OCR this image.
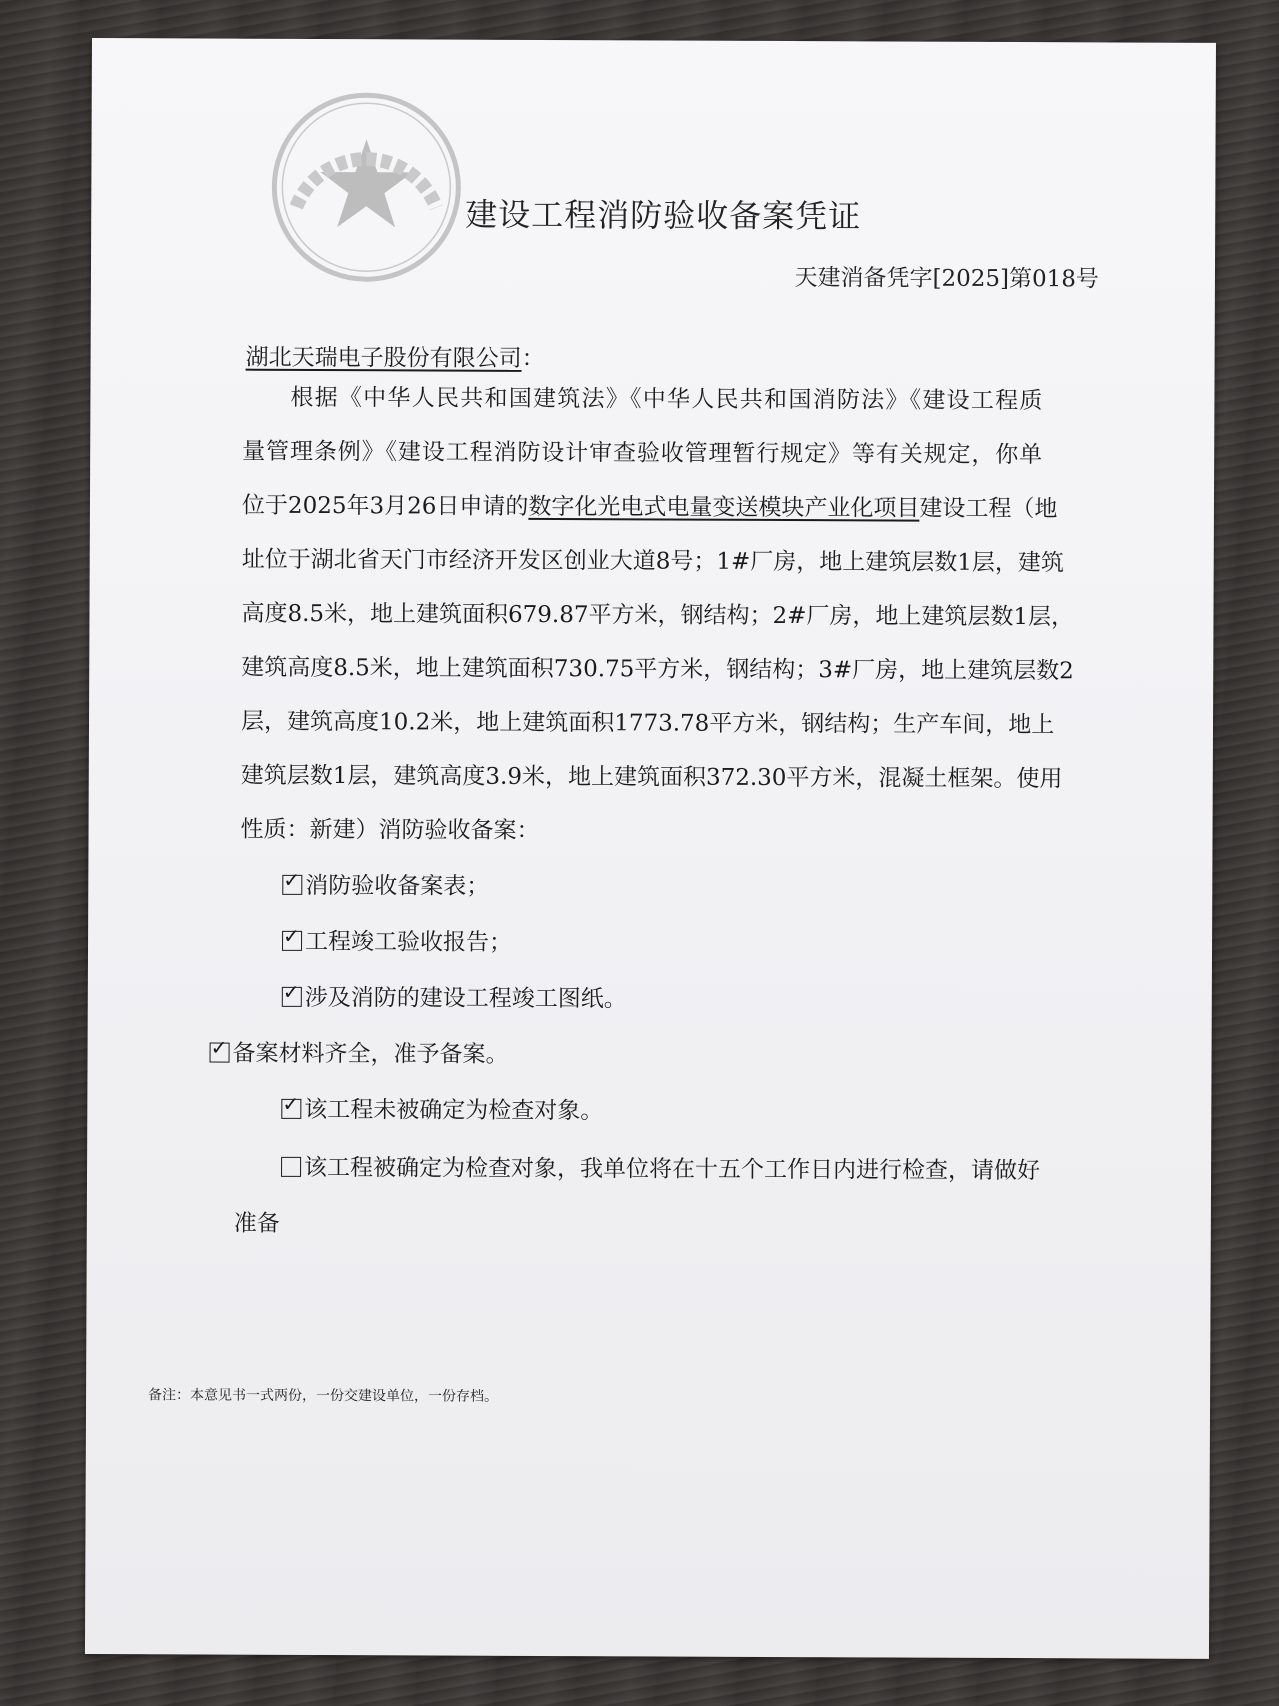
建设工程消防验收备案凭证
天建消备凭字[2025]第018号
湖北天瑞电子股份有限公司：
根据《中华人民共和国建筑法》《中华人民共和国消防法》《建设工程质
量管理条例》《建设工程消防设计审查验收管理暂行规定》等有关规定，你单
位于2025年3月26日申请的数字化光电式电量变送模块产业化项目建设工程（地
址位于湖北省天门市经济开发区创业大道8号；1#厂房，地上建筑层数1层，建筑
高度8.5米，地上建筑面积679.87平方米，钢结构；2#厂房，地上建筑层数1层，
建筑高度8.5米，地上建筑面积730.75平方米，钢结构；3#厂房，地上建筑层数2
层，建筑高度10.2米，地上建筑面积1773.78平方米，钢结构；生产车间，地上
建筑层数1层，建筑高度3.9米，地上建筑面积372.30平方米，混凝土框架。使用
性质：新建）消防验收备案：
✓ 消防验收备案表；
✓ 工程竣工验收报告；
✓ 涉及消防的建设工程竣工图纸。
✓ 备案材料齐全，准予备案。
✓ 该工程未被确定为检查对象。
该工程被确定为检查对象，我单位将在十五个工作日内进行检查，请做好
准备
备注：本意见书一式两份，一份交建设单位，一份存档。
